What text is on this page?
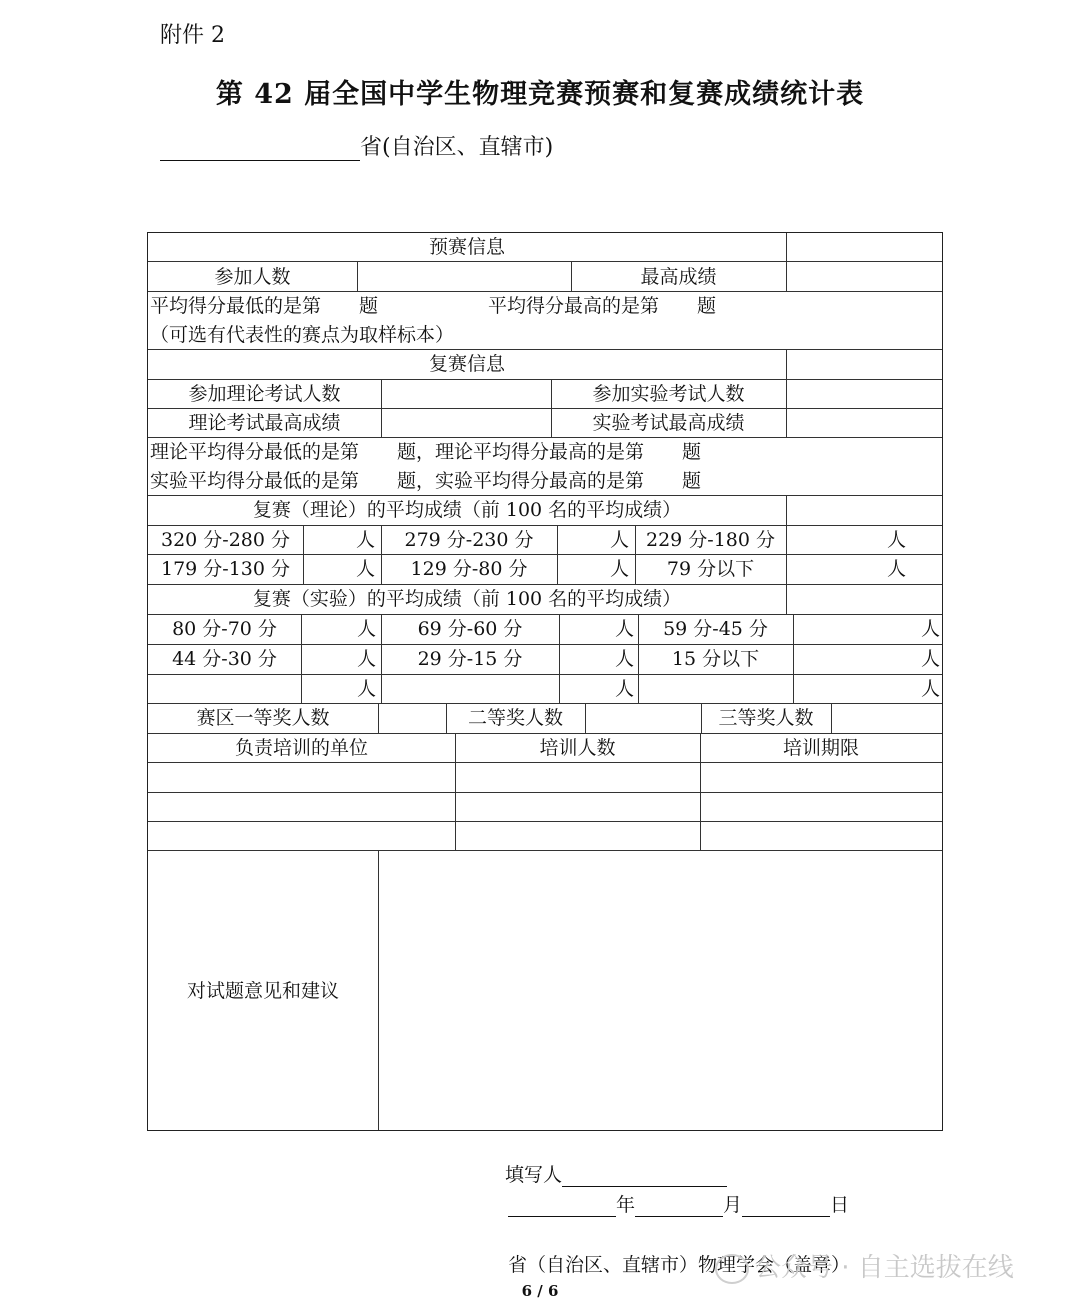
附件 2
第 42 届全国中学生物理竞赛预赛和复赛成绩统计表
省(自治区、直辖市)
预赛信息
参加人数	最高成绩
平均得分最低的是第　　题	平均得分最高的是第　　题
（可选有代表性的赛点为取样标本）
复赛信息
参加理论考试人数	参加实验考试人数
理论考试最高成绩	实验考试最高成绩
理论平均得分最低的是第　　题，理论平均得分最高的是第　　题
实验平均得分最低的是第　　题，实验平均得分最高的是第　　题
复赛（理论）的平均成绩（前 100 名的平均成绩）
320 分-280 分	人	279 分-230 分	人 229 分-180 分	人
179 分-130 分	人	129 分-80 分	人	79 分以下	人
复赛（实验）的平均成绩（前 100 名的平均成绩）
80 分-70 分	人	69 分-60 分	人	59 分-45 分	人
44 分-30 分	人	29 分-15 分	人	15 分以下	人
人	人	人
赛区一等奖人数	二等奖人数	三等奖人数
负责培训的单位	培训人数	培训期限
对试题意见和建议
填写人
年	月	日
省（自治区、直辖市）物理学会（盖章）
6 / 6
公众号 · 自主选拔在线
